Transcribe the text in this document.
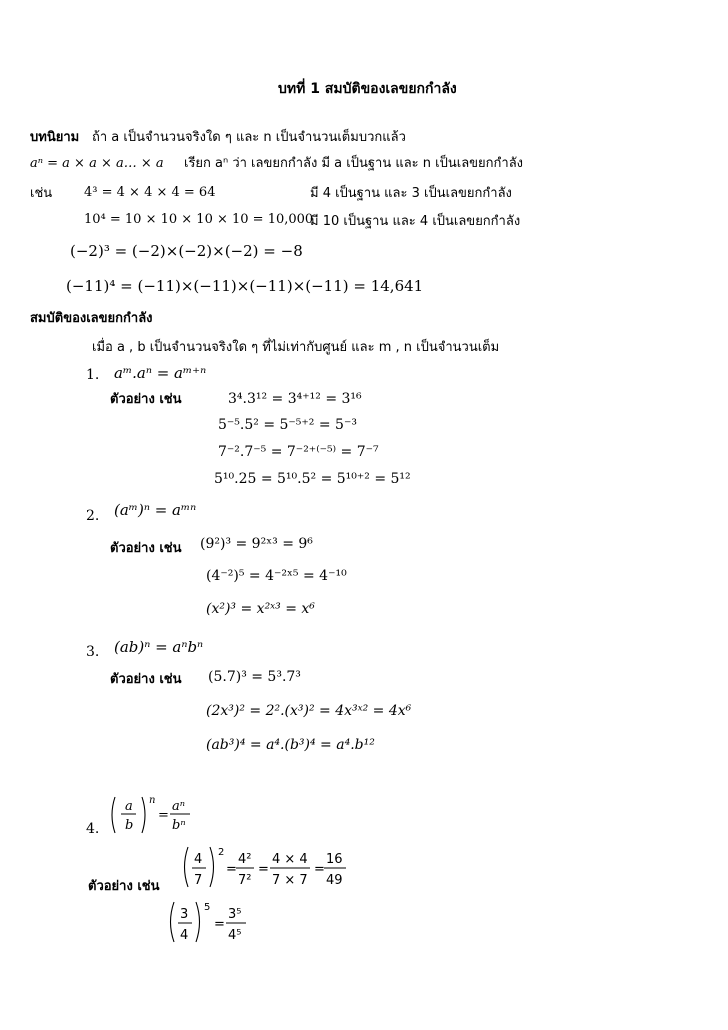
บทที่ 1 สมบัติของเลขยกกำลัง
บทนิยาม ถ้า a เป็นจำนวนจริงใด ๆ และ n เป็นจำนวนเต็มบวกแล้ว
aⁿ = a × a × a… × a เรียก aⁿ ว่า เลขยกกำลัง มี a เป็นฐาน และ n เป็นเลขยกกำลัง
เช่น 4³ = 4 × 4 × 4 = 64	มี 4 เป็นฐาน และ 3 เป็นเลขยกกำลัง
10⁴ = 10 × 10 × 10 × 10 = 10,000
มี 10 เป็นฐาน และ 4 เป็นเลขยกกำลัง
(−2)³ = (−2)×(−2)×(−2) = −8
(−11)⁴ = (−11)×(−11)×(−11)×(−11) = 14,641
สมบัติของเลขยกกำลัง
เมื่อ a , b เป็นจำนวนจริงใด ๆ ที่ไม่เท่ากับศูนย์ และ m , n เป็นจำนวนเต็ม
1. aᵐ.aⁿ = aᵐ⁺ⁿ
ตัวอย่าง เช่น	3⁴.3¹² = 3⁴⁺¹² = 3¹⁶
5⁻⁵.5² = 5⁻⁵⁺² = 5⁻³
7⁻².7⁻⁵ = 7⁻²⁺⁽⁻⁵⁾ = 7⁻⁷
5¹⁰.25 = 5¹⁰.5² = 5¹⁰⁺² = 5¹²
2. (aᵐ)ⁿ = aᵐⁿ
ตัวอย่าง เช่น (9²)³ = 9²ˣ³ = 9⁶
(4⁻²)⁵ = 4⁻²ˣ⁵ = 4⁻¹⁰
(x²)³ = x²ˣ³ = x⁶
3. (ab)ⁿ = aⁿbⁿ
ตัวอย่าง เช่น (5.7)³ = 5³.7³
(2x³)² = 2².(x³)² = 4x³ˣ² = 4x⁶
(ab³)⁴ = a⁴.(b³)⁴ = a⁴.b¹²
4.
a
b
n
=
aⁿ
bⁿ
ตัวอย่าง เช่น
4
7
2
=
4²
7²
=
4 × 4
7 × 7
=
16
49
3
4
5
=
3⁵
4⁵
